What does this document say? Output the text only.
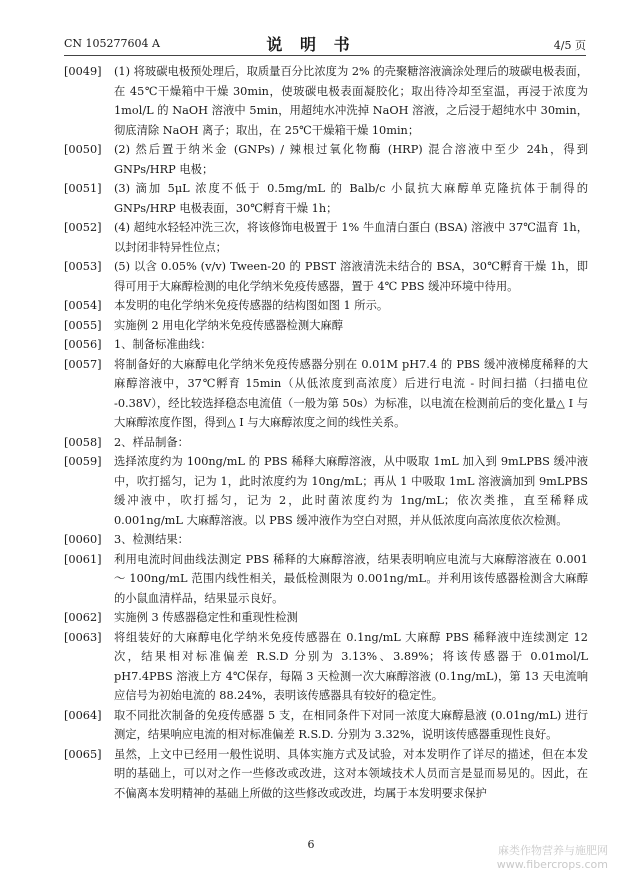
CN 105277604 A	说 明 书	4/5 页
[0049] (1) 将玻碳电极预处理后，取质量百分比浓度为 2% 的壳聚糖溶液滴涂处理后的玻碳电极表面，在 45℃干燥箱中干燥 30min，使玻碳电极表面凝胶化；取出待冷却至室温，再浸于浓度为 1mol/L 的 NaOH 溶液中 5min，用超纯水冲洗掉 NaOH 溶液，之后浸于超纯水中 30min，彻底清除 NaOH 离子；取出，在 25℃干燥箱干燥 10min；
[0050] (2) 然后置于纳米金 (GNPs) / 辣根过氧化物酶 (HRP) 混合溶液中至少 24h，得到 GNPs/HRP 电极；
[0051] (3) 滴加 5μL 浓度不低于 0.5mg/mL 的 Balb/c 小鼠抗大麻醇单克隆抗体于制得的 GNPs/HRP 电极表面，30℃孵育干燥 1h；
[0052] (4) 超纯水轻轻冲洗三次，将该修饰电极置于 1% 牛血清白蛋白 (BSA) 溶液中 37℃温育 1h，以封闭非特异性位点；
[0053] (5) 以含 0.05% (v/v) Tween-20 的 PBST 溶液清洗未结合的 BSA，30℃孵育干燥 1h，即得可用于大麻醇检测的电化学纳米免疫传感器，置于 4℃ PBS 缓冲环境中待用。
[0054] 本发明的电化学纳米免疫传感器的结构图如图 1 所示。
[0055] 实施例 2 用电化学纳米免疫传感器检测大麻醇
[0056] 1、制备标准曲线：
[0057] 将制备好的大麻醇电化学纳米免疫传感器分别在 0.01M pH7.4 的 PBS 缓冲液梯度稀释的大麻醇溶液中，37℃孵育 15min（从低浓度到高浓度）后进行电流 - 时间扫描（扫描电位 -0.38V），经比较选择稳态电流值（一般为第 50s）为标准，以电流在检测前后的变化量△ I 与大麻醇浓度作图，得到△ I 与大麻醇浓度之间的线性关系。
[0058] 2、样品制备：
[0059] 选择浓度约为 100ng/mL 的 PBS 稀释大麻醇溶液，从中吸取 1mL 加入到 9mLPBS 缓冲液中，吹打摇匀，记为 1，此时浓度约为 10ng/mL；再从 1 中吸取 1mL 溶液滴加到 9mLPBS 缓冲液中，吹打摇匀，记为 2，此时菌浓度约为 1ng/mL；依次类推，直至稀释成 0.001ng/mL 大麻醇溶液。以 PBS 缓冲液作为空白对照，并从低浓度向高浓度依次检测。
[0060] 3、检测结果：
[0061] 利用电流时间曲线法测定 PBS 稀释的大麻醇溶液，结果表明响应电流与大麻醇溶液在 0.001 ～ 100ng/mL 范围内线性相关，最低检测限为 0.001ng/mL。并利用该传感器检测含大麻醇的小鼠血清样品，结果显示良好。
[0062] 实施例 3 传感器稳定性和重现性检测
[0063] 将组装好的大麻醇电化学纳米免疫传感器在 0.1ng/mL 大麻醇 PBS 稀释液中连续测定 12 次，结果相对标准偏差 R.S.D 分别为 3.13%、3.89%；将该传感器于 0.01mol/L pH7.4PBS 溶液上方 4℃保存，每隔 3 天检测一次大麻醇溶液 (0.1ng/mL)，第 13 天电流响应信号为初始电流的 88.24%，表明该传感器具有较好的稳定性。
[0064] 取不同批次制备的免疫传感器 5 支，在相同条件下对同一浓度大麻醇悬液 (0.01ng/mL) 进行测定，结果响应电流的相对标准偏差 R.S.D. 分别为 3.32%，说明该传感器重现性良好。
[0065] 虽然，上文中已经用一般性说明、具体实施方式及试验，对本发明作了详尽的描述，但在本发明的基础上，可以对之作一些修改或改进，这对本领域技术人员而言是显而易见的。因此，在不偏离本发明精神的基础上所做的这些修改或改进，均属于本发明要求保护
6	麻类作物营养与施肥网
www.fibercrops.com
